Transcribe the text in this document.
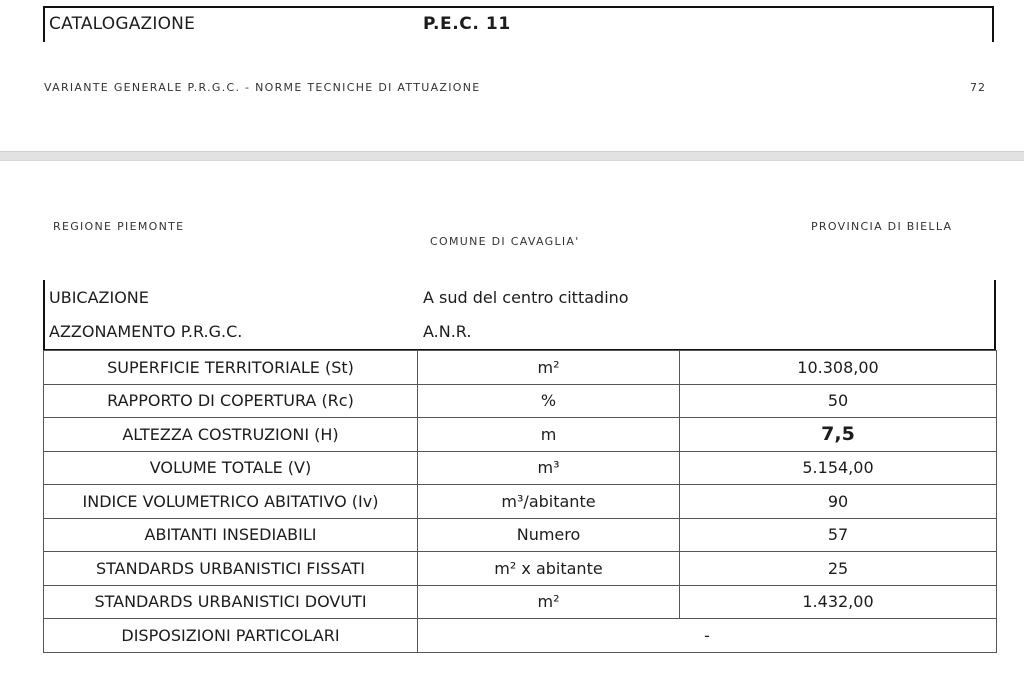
CATALOGAZIONE	P.E.C. 11
VARIANTE GENERALE P.R.G.C. - NORME TECNICHE DI ATTUAZIONE	72
REGIONE PIEMONTE
COMUNE DI CAVAGLIA'
PROVINCIA DI BIELLA
UBICAZIONE	A sud del centro cittadino
AZZONAMENTO P.R.G.C.	A.N.R.
SUPERFICIE TERRITORIALE (St)	m²	10.308,00
RAPPORTO DI COPERTURA (Rc)	%	50
ALTEZZA COSTRUZIONI (H)	m	7,5
VOLUME TOTALE (V)	m³	5.154,00
INDICE VOLUMETRICO ABITATIVO (Iv)	m³/abitante	90
ABITANTI INSEDIABILI	Numero	57
STANDARDS URBANISTICI FISSATI	m² x abitante	25
STANDARDS URBANISTICI DOVUTI	m²	1.432,00
DISPOSIZIONI PARTICOLARI	-	
